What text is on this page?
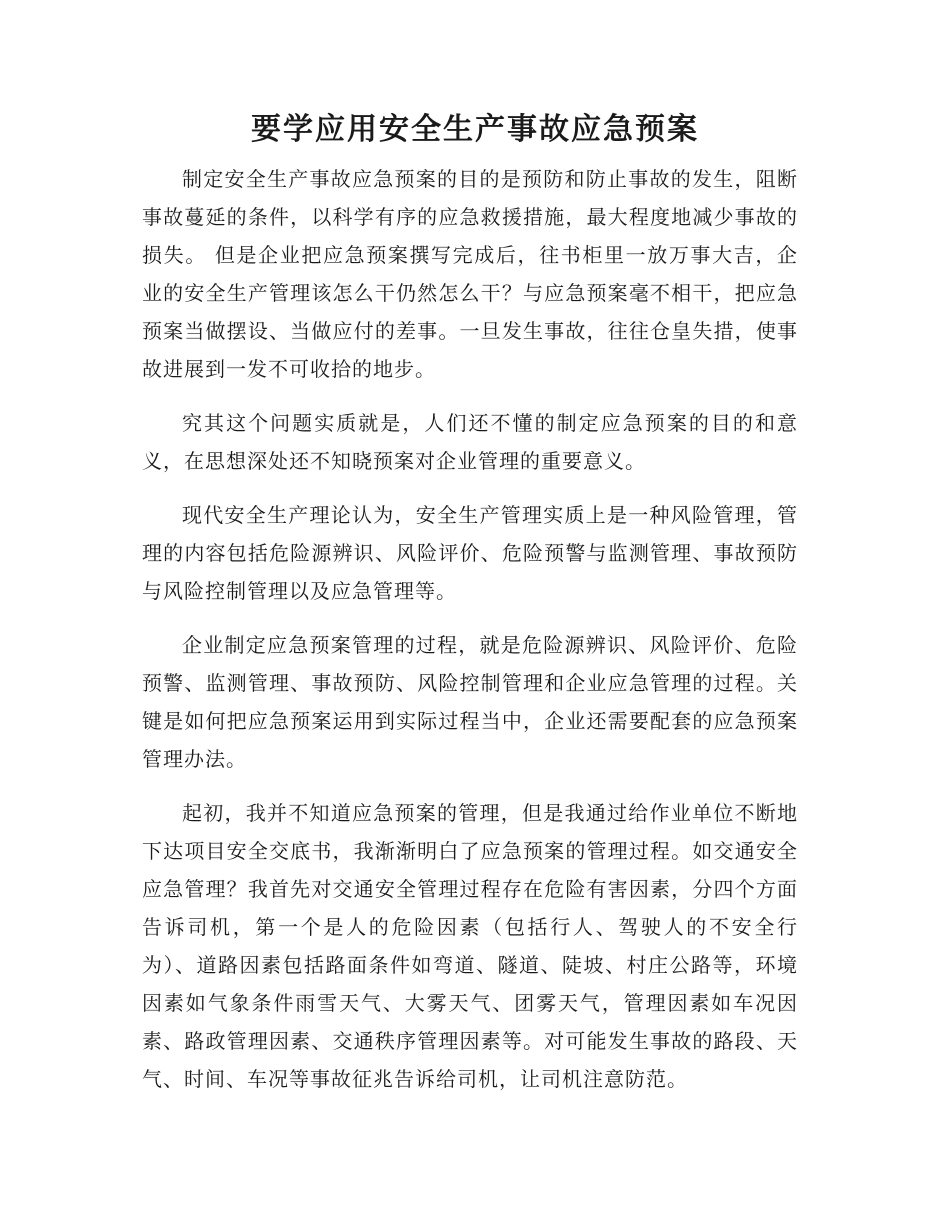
要学应用安全生产事故应急预案

制定安全生产事故应急预案的目的是预防和防止事故的发生，阻断事故蔓延的条件，以科学有序的应急救援措施，最大程度地减少事故的损失。 但是企业把应急预案撰写完成后，往书柜里一放万事大吉，企业的安全生产管理该怎么干仍然怎么干？与应急预案毫不相干，把应急预案当做摆设、当做应付的差事。一旦发生事故，往往仓皇失措，使事故进展到一发不可收拾的地步。

究其这个问题实质就是，人们还不懂的制定应急预案的目的和意义，在思想深处还不知晓预案对企业管理的重要意义。

现代安全生产理论认为，安全生产管理实质上是一种风险管理，管理的内容包括危险源辨识、风险评价、危险预警与监测管理、事故预防与风险控制管理以及应急管理等。

企业制定应急预案管理的过程，就是危险源辨识、风险评价、危险预警、监测管理、事故预防、风险控制管理和企业应急管理的过程。关键是如何把应急预案运用到实际过程当中，企业还需要配套的应急预案管理办法。

起初，我并不知道应急预案的管理，但是我通过给作业单位不断地下达项目安全交底书，我渐渐明白了应急预案的管理过程。如交通安全应急管理？我首先对交通安全管理过程存在危险有害因素，分四个方面告诉司机，第一个是人的危险因素（包括行人、驾驶人的不安全行为）、道路因素包括路面条件如弯道、隧道、陡坡、村庄公路等，环境因素如气象条件雨雪天气、大雾天气、团雾天气，管理因素如车况因素、路政管理因素、交通秩序管理因素等。对可能发生事故的路段、天气、时间、车况等事故征兆告诉给司机，让司机注意防范。
